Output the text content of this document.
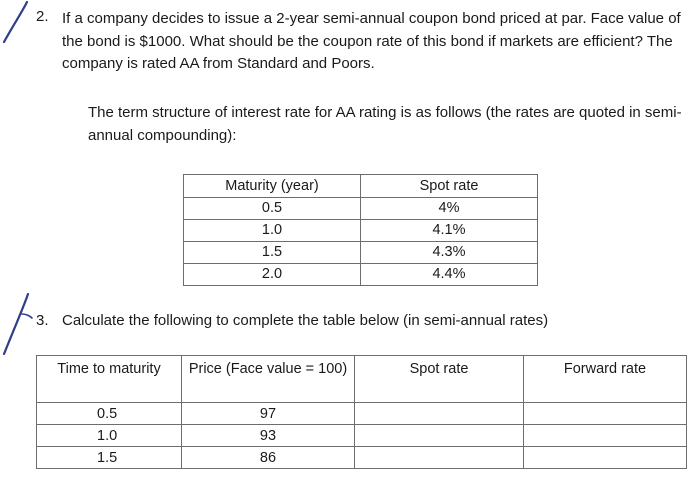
2. If a company decides to issue a 2-year semi-annual coupon bond priced at par. Face value of the bond is $1000. What should be the coupon rate of this bond if markets are efficient? The company is rated AA from Standard and Poors.
The term structure of interest rate for AA rating is as follows (the rates are quoted in semi-annual compounding):
Maturity (year)	Spot rate
0.5	4%
1.0	4.1%
1.5	4.3%
2.0	4.4%
3. Calculate the following to complete the table below (in semi-annual rates)
Time to maturity	Price (Face value = 100)	Spot rate	Forward rate
0.5	97		
1.0	93		
1.5	86		
